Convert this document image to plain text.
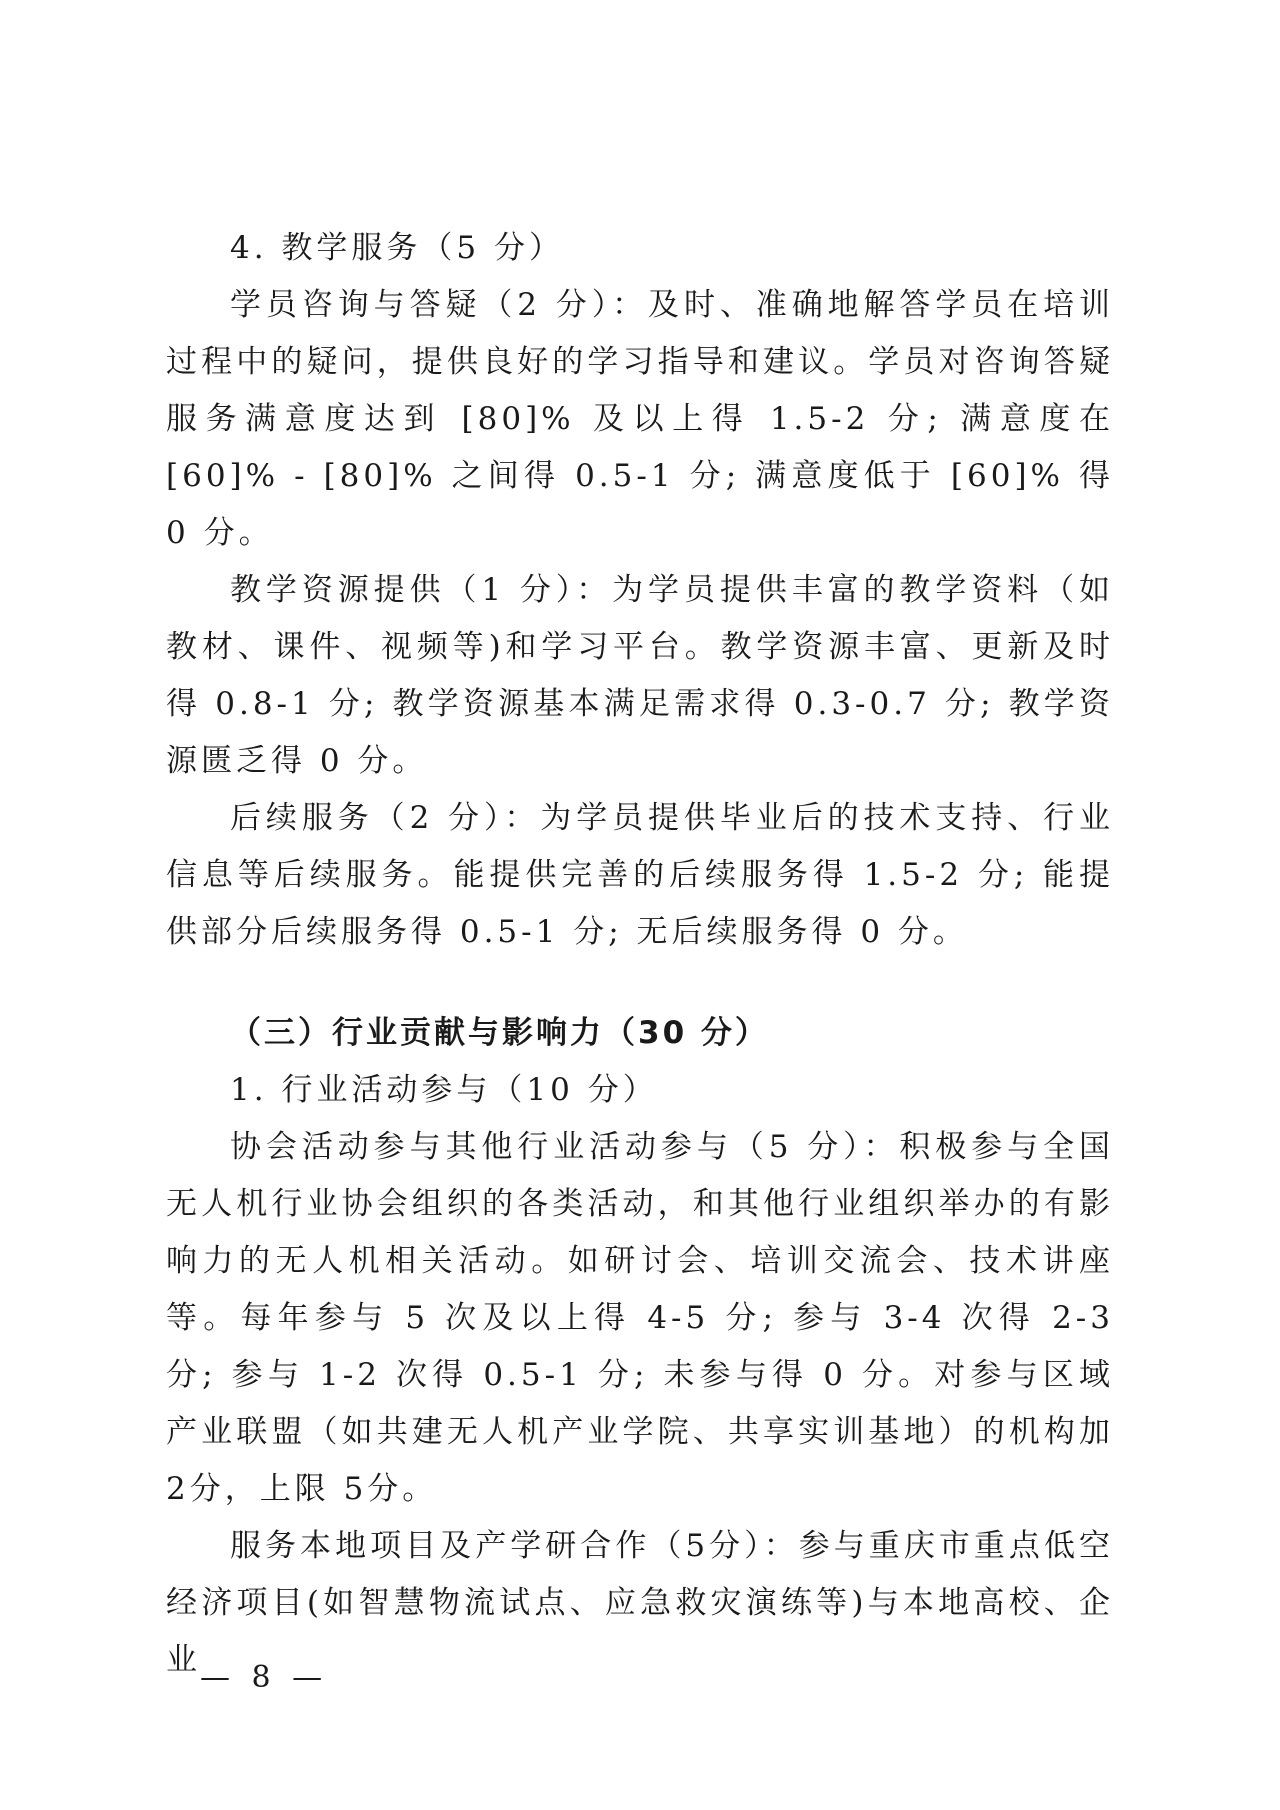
4. 教学服务（5 分）

学员咨询与答疑（2 分）：及时、准确地解答学员在培训过程中的疑问，提供良好的学习指导和建议。学员对咨询答疑服务满意度达到 [80]% 及以上得 1.5-2 分; 满意度在 [60]% - [80]% 之间得 0.5-1 分; 满意度低于 [60]% 得 0 分。

教学资源提供（1 分）：为学员提供丰富的教学资料（如教材、课件、视频等)和学习平台。教学资源丰富、更新及时得 0.8-1 分; 教学资源基本满足需求得 0.3-0.7 分; 教学资源匮乏得 0 分。

后续服务（2 分）：为学员提供毕业后的技术支持、行业信息等后续服务。能提供完善的后续服务得 1.5-2 分; 能提供部分后续服务得 0.5-1 分; 无后续服务得 0 分。

（三）行业贡献与影响力（30 分）

1. 行业活动参与（10 分）

协会活动参与其他行业活动参与（5 分）：积极参与全国无人机行业协会组织的各类活动，和其他行业组织举办的有影响力的无人机相关活动。如研讨会、培训交流会、技术讲座等。每年参与 5 次及以上得 4-5 分; 参与 3-4 次得 2-3 分; 参与 1-2 次得 0.5-1 分; 未参与得 0 分。对参与区域产业联盟（如共建无人机产业学院、共享实训基地）的机构加 2分，上限 5分。

服务本地项目及产学研合作（5分）：参与重庆市重点低空经济项目(如智慧物流试点、应急救灾演练等)与本地高校、企业 — 8 —
